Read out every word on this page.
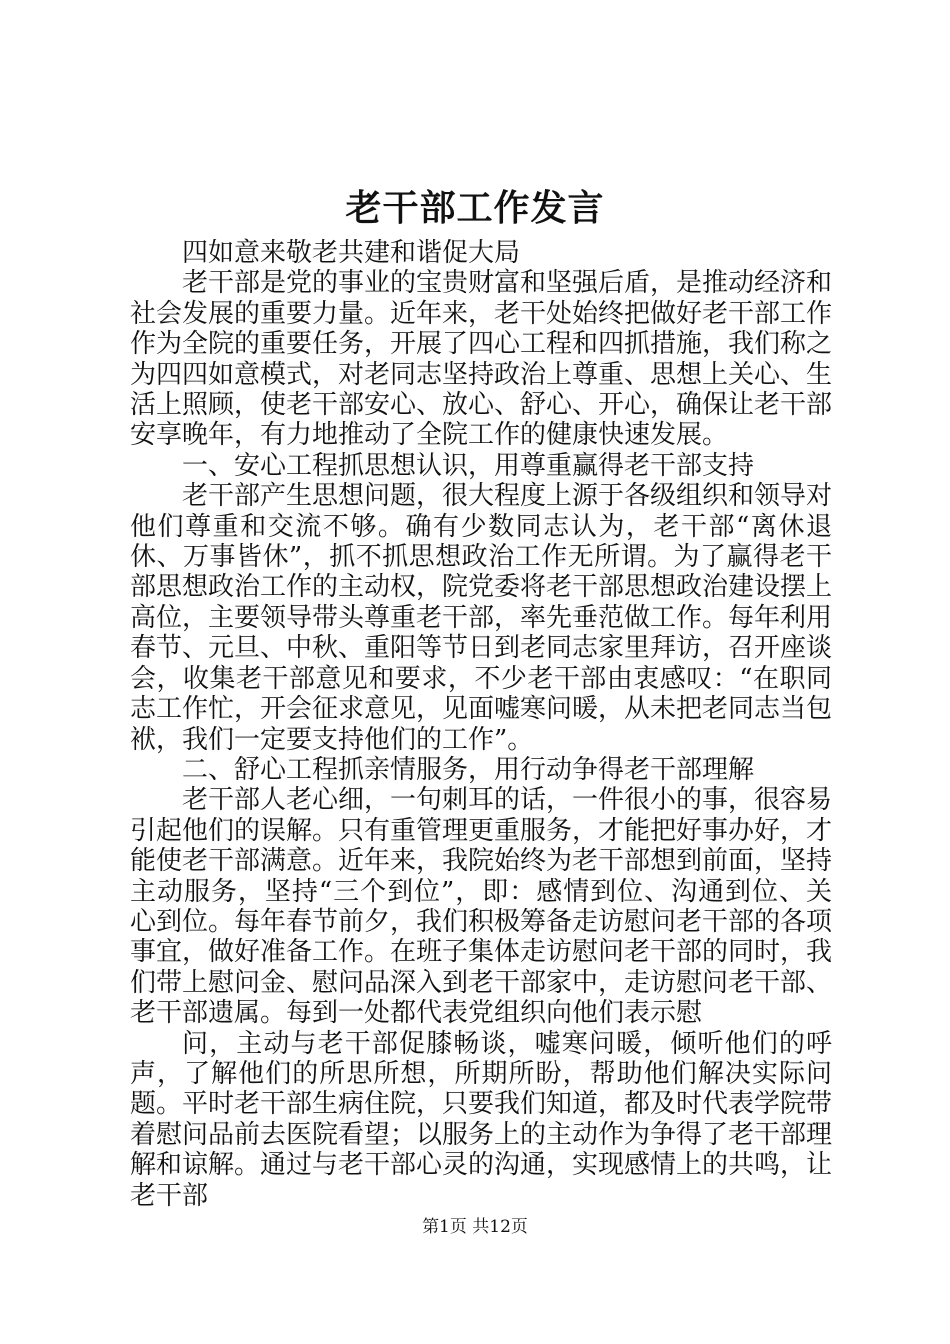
老干部工作发言

四如意来敬老共建和谐促大局

老干部是党的事业的宝贵财富和坚强后盾，是推动经济和社会发展的重要力量。近年来，老干处始终把做好老干部工作作为全院的重要任务，开展了四心工程和四抓措施，我们称之为四四如意模式，对老同志坚持政治上尊重、思想上关心、生活上照顾，使老干部安心、放心、舒心、开心，确保让老干部安享晚年，有力地推动了全院工作的健康快速发展。

一、安心工程抓思想认识，用尊重赢得老干部支持

老干部产生思想问题，很大程度上源于各级组织和领导对他们尊重和交流不够。确有少数同志认为，老干部“离休退休、万事皆休”，抓不抓思想政治工作无所谓。为了赢得老干部思想政治工作的主动权，院党委将老干部思想政治建设摆上高位，主要领导带头尊重老干部，率先垂范做工作。每年利用春节、元旦、中秋、重阳等节日到老同志家里拜访，召开座谈会，收集老干部意见和要求，不少老干部由衷感叹：“在职同志工作忙，开会征求意见，见面嘘寒问暖，从未把老同志当包袱，我们一定要支持他们的工作”。

二、舒心工程抓亲情服务，用行动争得老干部理解

老干部人老心细，一句刺耳的话，一件很小的事，很容易引起他们的误解。只有重管理更重服务，才能把好事办好，才能使老干部满意。近年来，我院始终为老干部想到前面，坚持主动服务，坚持“三个到位”，即：感情到位、沟通到位、关心到位。每年春节前夕，我们积极筹备走访慰问老干部的各项事宜，做好准备工作。在班子集体走访慰问老干部的同时，我们带上慰问金、慰问品深入到老干部家中，走访慰问老干部、老干部遗属。每到一处都代表党组织向他们表示慰

问，主动与老干部促膝畅谈，嘘寒问暖，倾听他们的呼声，了解他们的所思所想，所期所盼，帮助他们解决实际问题。平时老干部生病住院，只要我们知道，都及时代表学院带着慰问品前去医院看望；以服务上的主动作为争得了老干部理解和谅解。通过与老干部心灵的沟通，实现感情上的共鸣，让老干部

第1页 共12页
